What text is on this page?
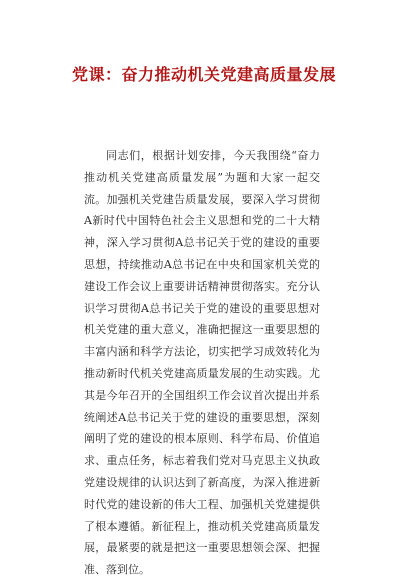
党课：奋力推动机关党建高质量发展

同志们，根据计划安排，今天我围绕“奋力推动机关党建高质量发展”为题和大家一起交流。加强机关党建告质量发展，要深入学习贯彻A新时代中国特色社会主义思想和党的二十大精神，深入学习贯彻A总书记关于党的建设的重要思想，持续推动A总书记在中央和国家机关党的建设工作会议上重要讲话精神贯彻落实。充分认识学习贯彻A总书记关于党的建设的重要思想对机关党建的重大意义，准确把握这一重要思想的丰富内涵和科学方法论，切实把学习成效转化为推动新时代机关党建高质量发展的生动实践。尤其是今年召开的全国组织工作会议首次提出并系统阐述A总书记关于党的建设的重要思想，深刻阐明了党的建设的根本原则、科学布局、价值追求、重点任务，标志着我们党对马克思主义执政党建设规律的认识达到了新高度，为深入推进新时代党的建设新的伟大工程、加强机关党建提供了根本遵循。新征程上，推动机关党建高质量发展，最紧要的就是把这一重要思想领会深、把握准、落到位。
